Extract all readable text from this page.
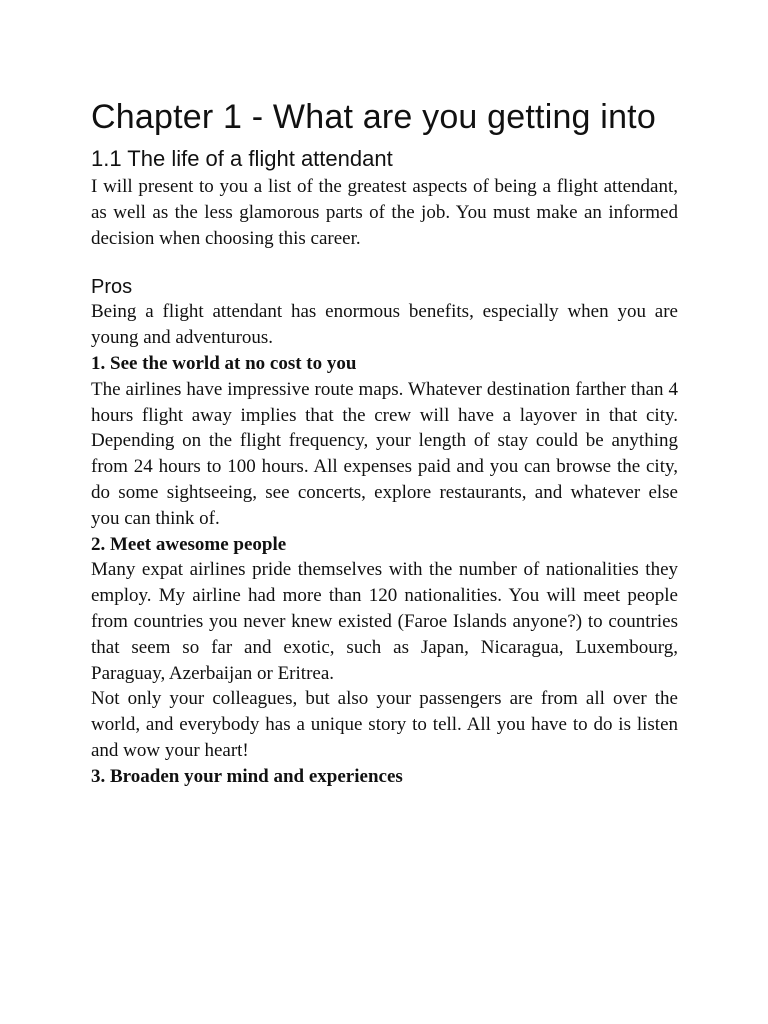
Chapter 1 - What are you getting into
1.1 The life of a flight attendant

I will present to you a list of the greatest aspects of being a flight attendant, as well as the less glamorous parts of the job. You must make an informed decision when choosing this career.

Pros

Being a flight attendant has enormous benefits, especially when you are young and adventurous.

1. See the world at no cost to you

The airlines have impressive route maps. Whatever destination farther than 4 hours flight away implies that the crew will have a layover in that city. Depending on the flight frequency, your length of stay could be anything from 24 hours to 100 hours. All expenses paid and you can browse the city, do some sightseeing, see concerts, explore restaurants, and whatever else you can think of.

2. Meet awesome people

Many expat airlines pride themselves with the number of nationalities they employ. My airline had more than 120 nationalities. You will meet people from countries you never knew existed (Faroe Islands anyone?) to countries that seem so far and exotic, such as Japan, Nicaragua, Luxembourg, Paraguay, Azerbaijan or Eritrea.

Not only your colleagues, but also your passengers are from all over the world, and everybody has a unique story to tell. All you have to do is listen and wow your heart!

3. Broaden your mind and experiences
